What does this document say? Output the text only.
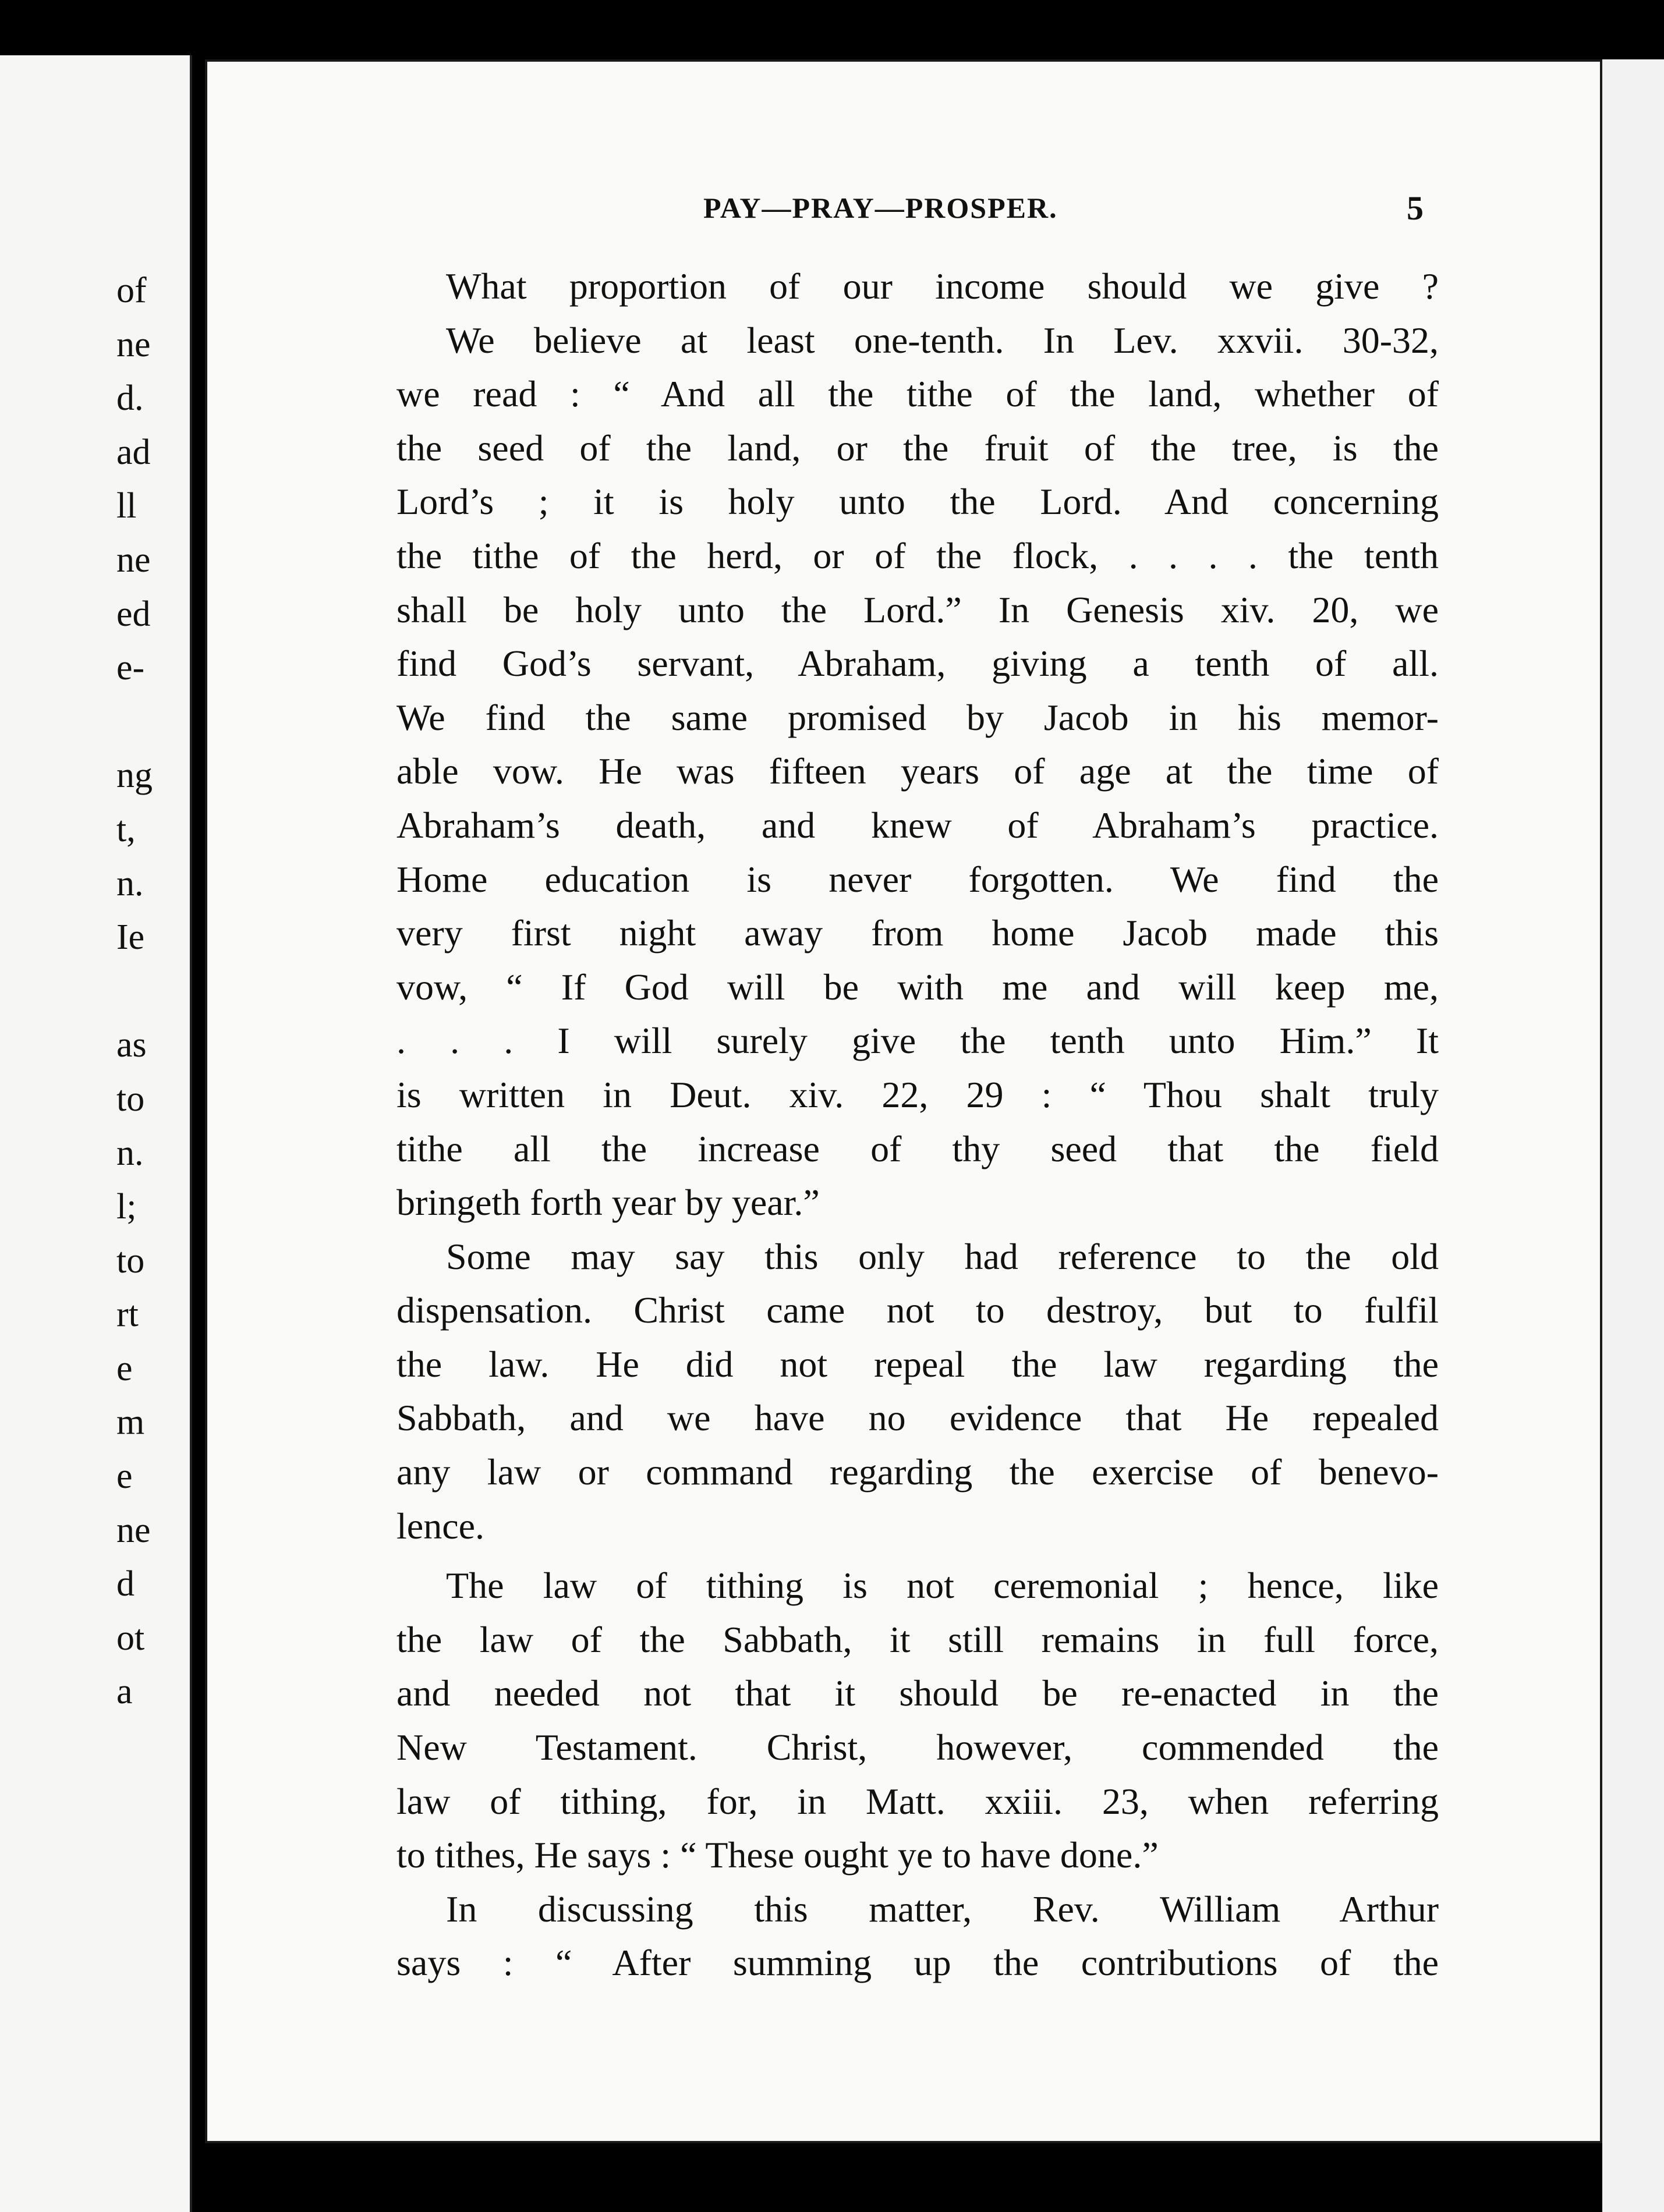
of
ne
d.
ad
ll
ne
ed
e-
ng
t,
n.
Ie
as
to
n.
l;
to
rt
e
m
e
ne
d
ot
a
PAY—PRAY—PROSPER.	5
What proportion of our income should we give ?
We believe at least one-tenth. In Lev. xxvii. 30-32,
we read : “ And all the tithe of the land, whether of
the seed of the land, or the fruit of the tree, is the
Lord’s ; it is holy unto the Lord. And concerning
the tithe of the herd, or of the flock, . . . . the tenth
shall be holy unto the Lord.” In Genesis xiv. 20, we
find God’s servant, Abraham, giving a tenth of all.
We find the same promised by Jacob in his memor-
able vow. He was fifteen years of age at the time of
Abraham’s death, and knew of Abraham’s practice.
Home education is never forgotten. We find the
very first night away from home Jacob made this
vow, “ If God will be with me and will keep me,
. . . I will surely give the tenth unto Him.” It
is written in Deut. xiv. 22, 29 : “ Thou shalt truly
tithe all the increase of thy seed that the field
bringeth forth year by year.”
Some may say this only had reference to the old
dispensation. Christ came not to destroy, but to fulfil
the law. He did not repeal the law regarding the
Sabbath, and we have no evidence that He repealed
any law or command regarding the exercise of benevo-
lence.
The law of tithing is not ceremonial ; hence, like
the law of the Sabbath, it still remains in full force,
and needed not that it should be re-enacted in the
New Testament. Christ, however, commended the
law of tithing, for, in Matt. xxiii. 23, when referring
to tithes, He says : “ These ought ye to have done.”
In discussing this matter, Rev. William Arthur
says : “ After summing up the contributions of the
